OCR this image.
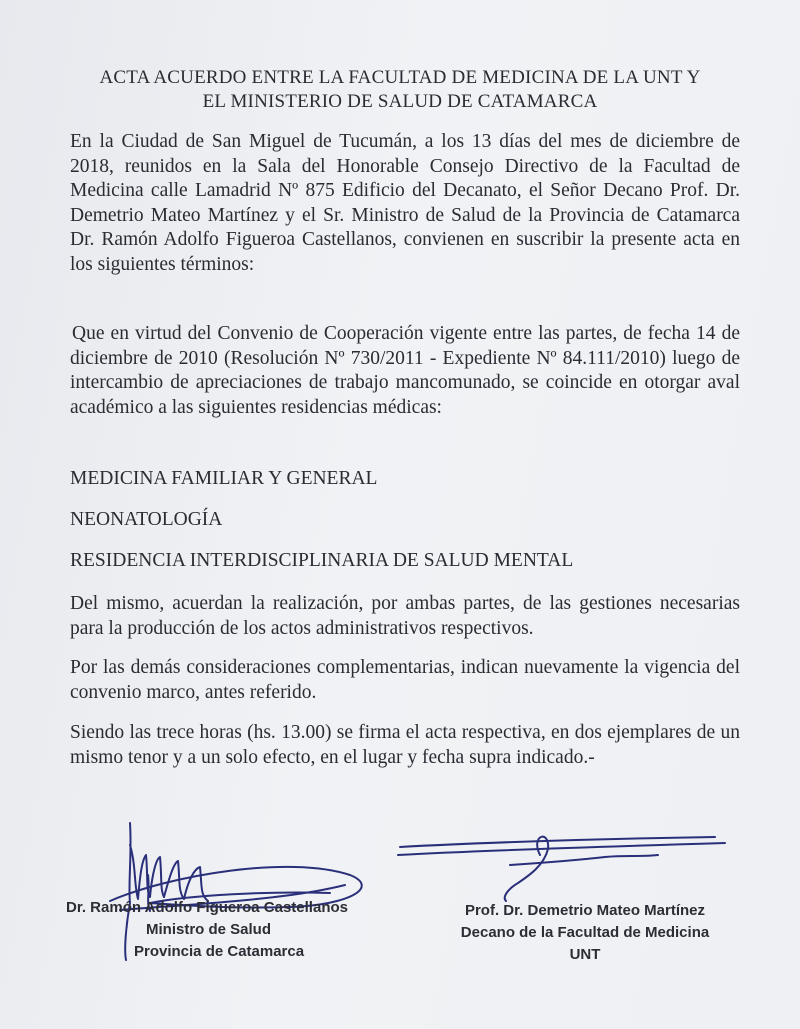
ACTA ACUERDO ENTRE LA FACULTAD DE MEDICINA DE LA UNT Y
EL MINISTERIO DE SALUD DE CATAMARCA
En la Ciudad de San Miguel de Tucumán, a los 13 días del mes de diciembre de 2018, reunidos en la Sala del Honorable Consejo Directivo de la Facultad de Medicina calle Lamadrid Nº 875 Edificio del Decanato, el Señor Decano Prof. Dr. Demetrio Mateo Martínez y el Sr. Ministro de Salud de la Provincia de Catamarca Dr. Ramón Adolfo Figueroa Castellanos, convienen en suscribir la presente acta en los siguientes términos:
Que en virtud del Convenio de Cooperación vigente entre las partes, de fecha 14 de diciembre de 2010 (Resolución Nº 730/2011 - Expediente Nº 84.111/2010) luego de intercambio de apreciaciones de trabajo mancomunado, se coincide en otorgar aval académico a las siguientes residencias médicas:
MEDICINA FAMILIAR Y GENERAL
NEONATOLOGÍA
RESIDENCIA INTERDISCIPLINARIA DE SALUD MENTAL
Del mismo, acuerdan la realización, por ambas partes, de las gestiones necesarias para la producción de los actos administrativos respectivos.
Por las demás consideraciones complementarias, indican nuevamente la vigencia del convenio marco, antes referido.
Siendo las trece horas (hs. 13.00) se firma el acta respectiva, en dos ejemplares de un mismo tenor y a un solo efecto, en el lugar y fecha supra indicado.-
Dr. Ramón Adolfo Figueroa Castellanos
Ministro de Salud
Provincia de Catamarca
Prof. Dr. Demetrio Mateo Martínez
Decano de la Facultad de Medicina
UNT
